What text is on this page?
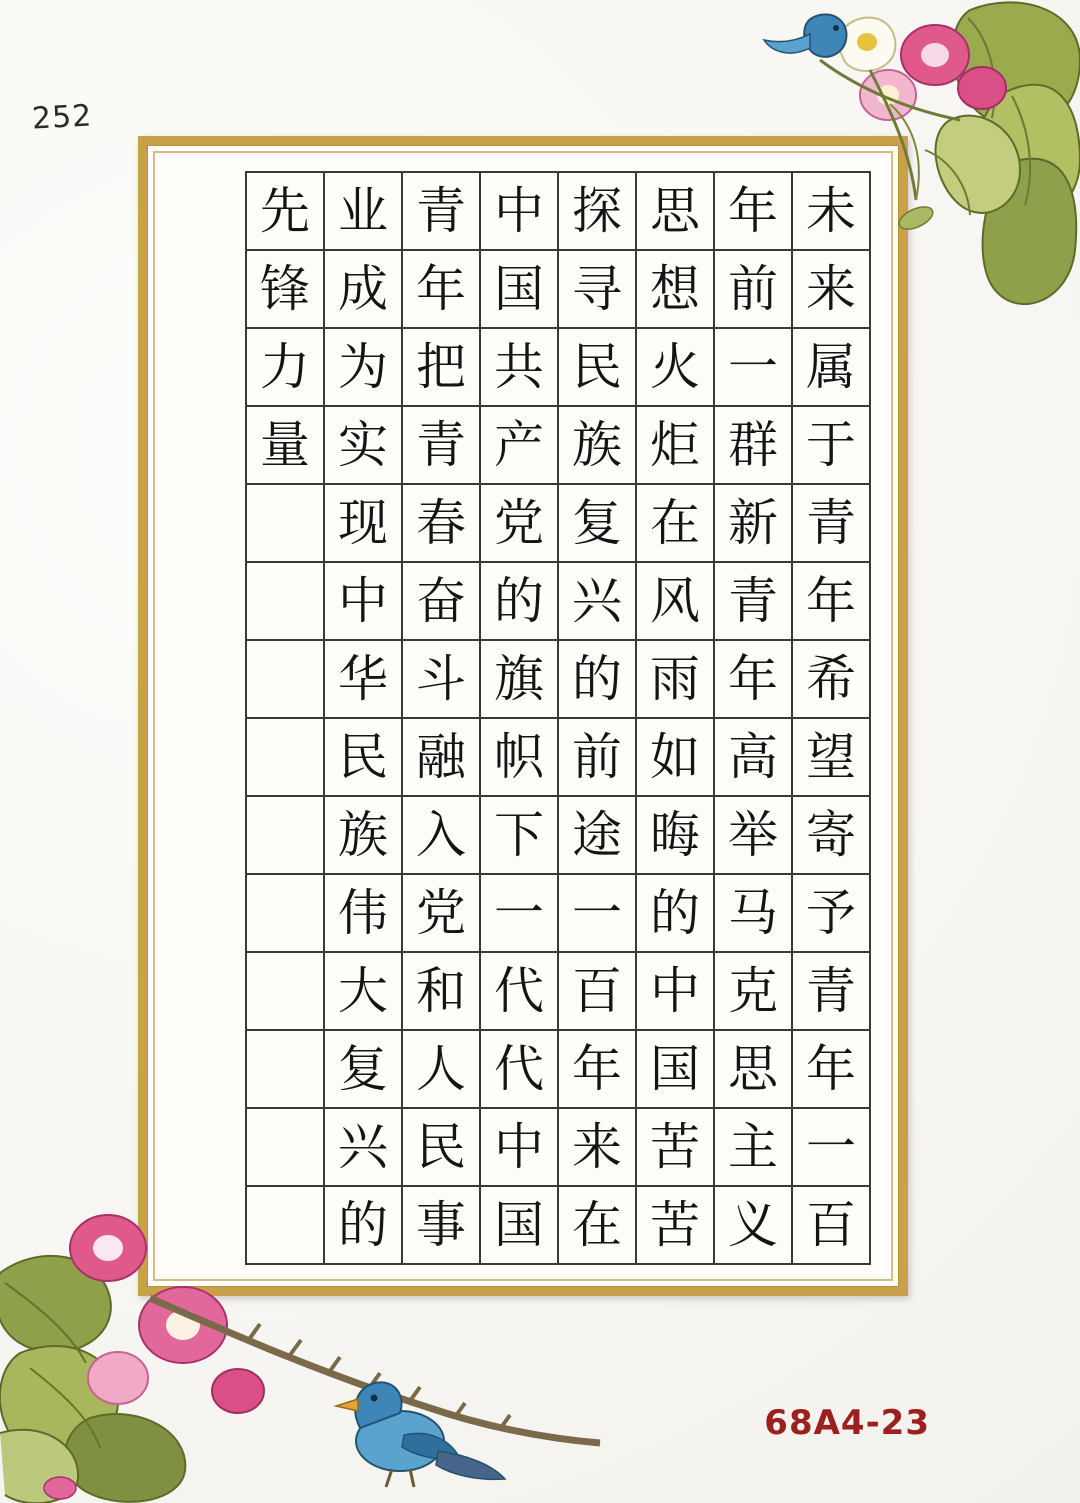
252
先 业 青 中 探 思 年 未
锋 成 年 国 寻 想 前 来
力 为 把 共 民 火 一 属
量 实 青 产 族 炬 群 于
现 春 党 复 在 新 青
中 奋 的 兴 风 青 年
华 斗 旗 的 雨 年 希
民 融 帜 前 如 高 望
族 入 下 途 晦 举 寄
伟 党 一 一 的 马 予
大 和 代 百 中 克 青
复 人 代 年 国 思 年
兴 民 中 来 苦 主 一
的 事 国 在 苦 义 百
68A4-23
